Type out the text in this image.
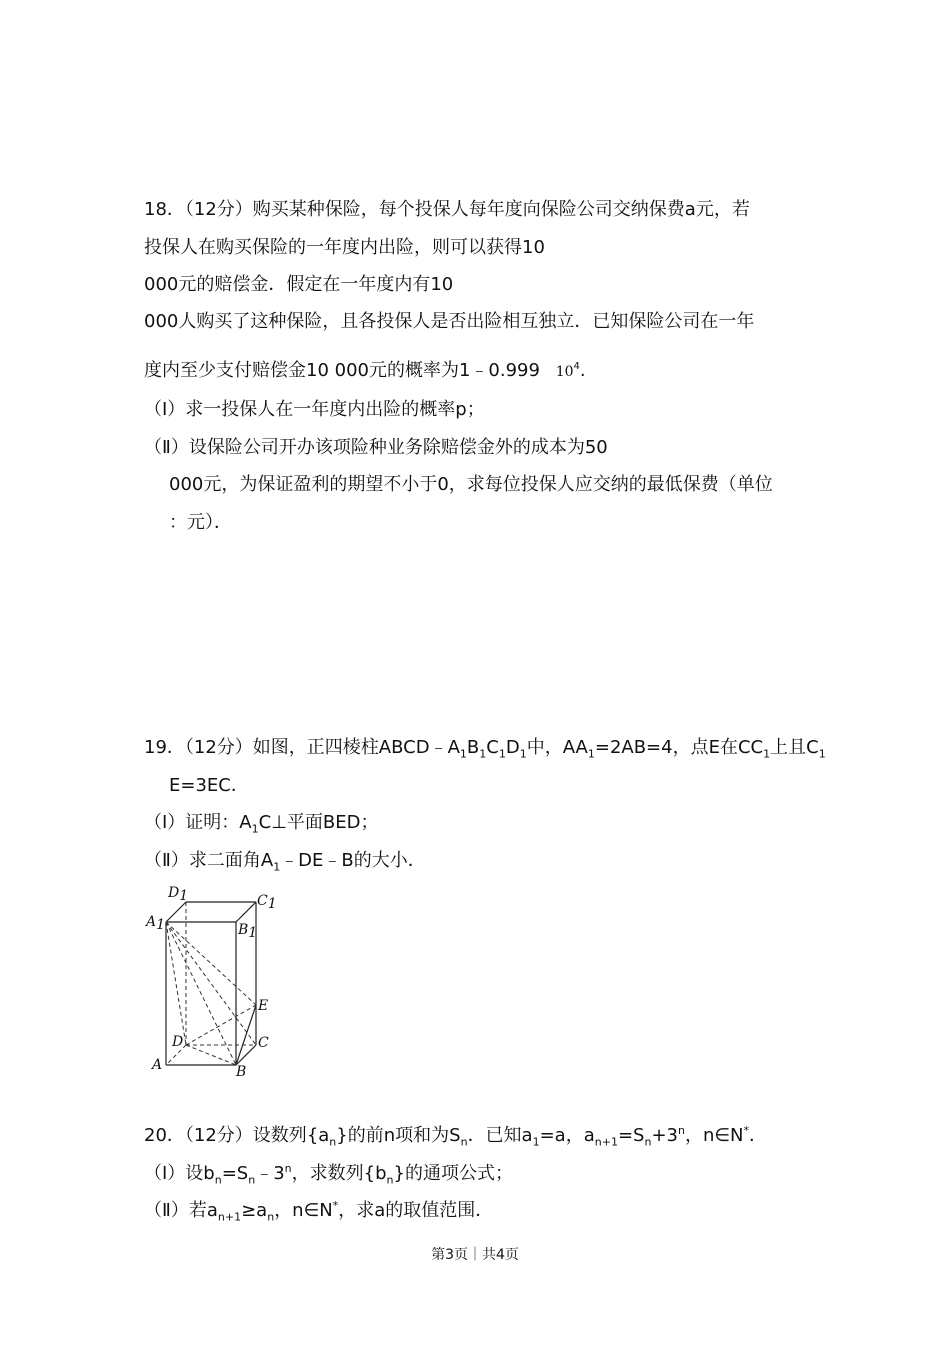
18．（12分）购买某种保险，每个投保人每年度向保险公司交纳保费a元，若
投保人在购买保险的一年度内出险，则可以获得10
000元的赔偿金．假定在一年度内有10
000人购买了这种保险，且各投保人是否出险相互独立．已知保险公司在一年
度内至少支付赔偿金10 000元的概率为1﹣0.999 $10^4$.
（Ⅰ）求一投保人在一年度内出险的概率p；
（Ⅱ）设保险公司开办该项险种业务除赔偿金外的成本为50
000元，为保证盈利的期望不小于0，求每位投保人应交纳的最低保费（单位
：元）．
19．（12分）如图，正四棱柱$ABCD﹣A_1B_1C_1D_1$中，$AA_1=2AB=4$，点E在$CC_1$上且$C_1$
E=3EC．
（Ⅰ）证明：$A_1C\perp$平面BED；
（Ⅱ）求二面角$A_1﹣DE﹣B$的大小．
D1	C1
A1	B1
E
D	C
A	B
20．（12分）设数列$\{a_n\}$的前n项和为$S_n$．已知$a_1=a$，$a_{n+1}=S_n+3^n$，n∈N*．
（Ⅰ）设$b_n=S_n﹣3^n$，求数列$\{b_n\}$的通项公式；
（Ⅱ）若$a_{n+1}\ge a_n$，n∈N*，求a的取值范围．
第3页｜共4页
